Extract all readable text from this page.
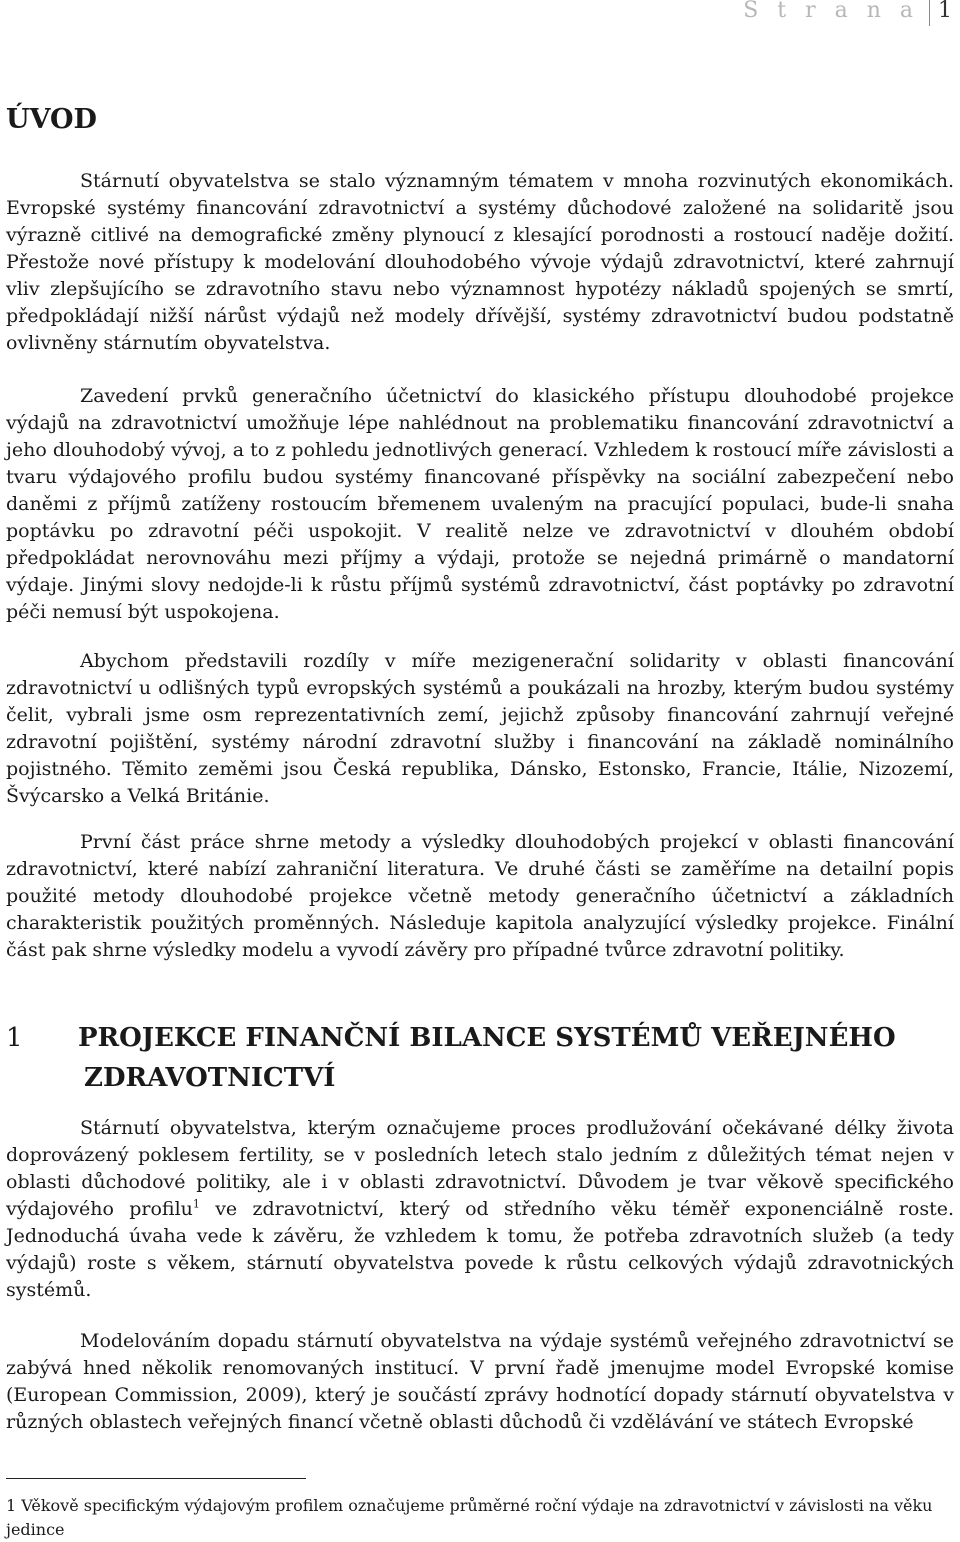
S t r a n a 1
ÚVOD

Stárnutí obyvatelstva se stalo významným tématem v mnoha rozvinutých ekonomikách. Evropské systémy financování zdravotnictví a systémy důchodové založené na solidaritě jsou výrazně citlivé na demografické změny plynoucí z klesající porodnosti a rostoucí naděje dožití. Přestože nové přístupy k modelování dlouhodobého vývoje výdajů zdravotnictví, které zahrnují vliv zlepšujícího se zdravotního stavu nebo významnost hypotézy nákladů spojených se smrtí, předpokládají nižší nárůst výdajů než modely dřívější, systémy zdravotnictví budou podstatně ovlivněny stárnutím obyvatelstva.

Zavedení prvků generačního účetnictví do klasického přístupu dlouhodobé projekce výdajů na zdravotnictví umožňuje lépe nahlédnout na problematiku financování zdravotnictví a jeho dlouhodobý vývoj, a to z pohledu jednotlivých generací. Vzhledem k rostoucí míře závislosti a tvaru výdajového profilu budou systémy financované příspěvky na sociální zabezpečení nebo daněmi z příjmů zatíženy rostoucím břemenem uvaleným na pracující populaci, bude-li snaha poptávku po zdravotní péči uspokojit. V realitě nelze ve zdravotnictví v dlouhém období předpokládat nerovnováhu mezi příjmy a výdaji, protože se nejedná primárně o mandatorní výdaje. Jinými slovy nedojde-li k růstu příjmů systémů zdravotnictví, část poptávky po zdravotní péči nemusí být uspokojena.

Abychom představili rozdíly v míře mezigenerační solidarity v oblasti financování zdravotnictví u odlišných typů evropských systémů a poukázali na hrozby, kterým budou systémy čelit, vybrali jsme osm reprezentativních zemí, jejichž způsoby financování zahrnují veřejné zdravotní pojištění, systémy národní zdravotní služby i financování na základě nominálního pojistného. Těmito zeměmi jsou Česká republika, Dánsko, Estonsko, Francie, Itálie, Nizozemí, Švýcarsko a Velká Británie.

První část práce shrne metody a výsledky dlouhodobých projekcí v oblasti financování zdravotnictví, které nabízí zahraniční literatura. Ve druhé části se zaměříme na detailní popis použité metody dlouhodobé projekce včetně metody generačního účetnictví a základních charakteristik použitých proměnných. Následuje kapitola analyzující výsledky projekce. Finální část pak shrne výsledky modelu a vyvodí závěry pro případné tvůrce zdravotní politiky.

1 PROJEKCE FINANČNÍ BILANCE SYSTÉMŮ VEŘEJNÉHO
ZDRAVOTNICTVÍ

Stárnutí obyvatelstva, kterým označujeme proces prodlužování očekávané délky života doprovázený poklesem fertility, se v posledních letech stalo jedním z důležitých témat nejen v oblasti důchodové politiky, ale i v oblasti zdravotnictví. Důvodem je tvar věkově specifického výdajového profilu$^1$ ve zdravotnictví, který od středního věku téměř exponenciálně roste. Jednoduchá úvaha vede k závěru, že vzhledem k tomu, že potřeba zdravotních služeb (a tedy výdajů) roste s věkem, stárnutí obyvatelstva povede k růstu celkových výdajů zdravotnických systémů.

Modelováním dopadu stárnutí obyvatelstva na výdaje systémů veřejného zdravotnictví se zabývá hned několik renomovaných institucí. V první řadě jmenujme model Evropské komise (European Commission, 2009), který je součástí zprávy hodnotící dopady stárnutí obyvatelstva v různých oblastech veřejných financí včetně oblasti důchodů či vzdělávání ve státech Evropské

1 Věkově specifickým výdajovým profilem označujeme průměrné roční výdaje na zdravotnictví v závislosti na věku jedince
